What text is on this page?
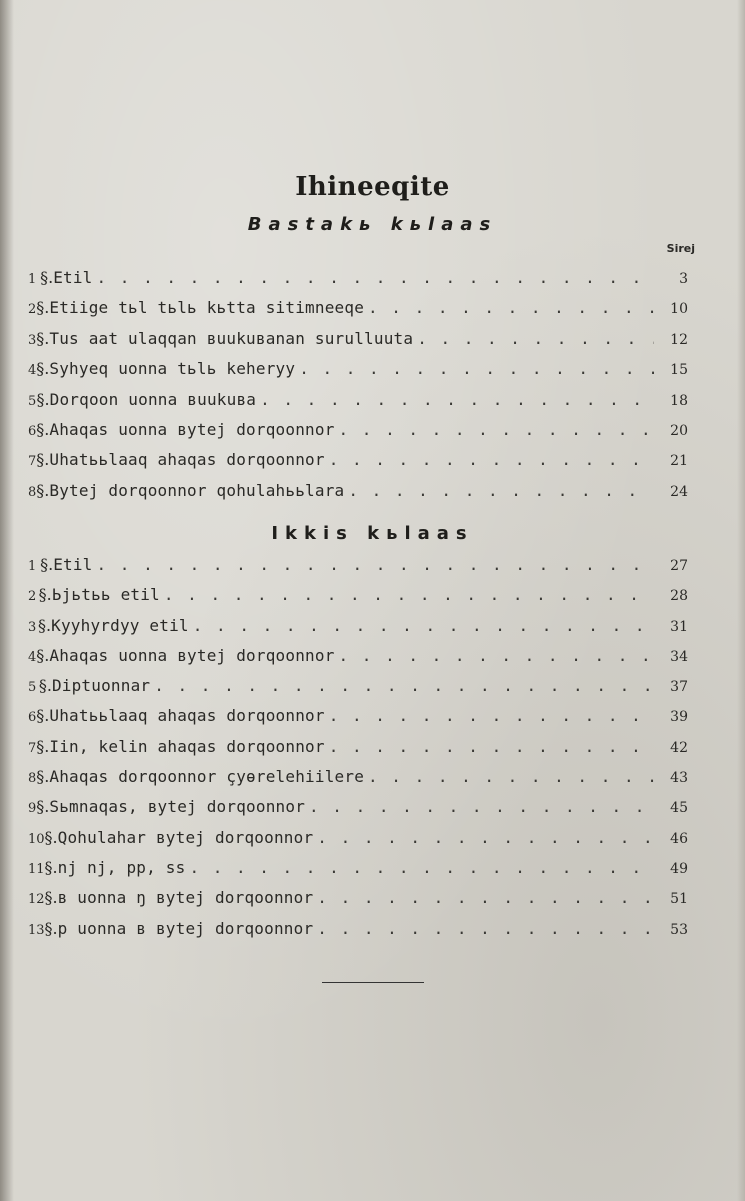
Ihineeqite
Bastakь kьlaas
Sirej
1 §. Etil . . .	3
2 §. Etiige tьl tьlь kьtta sitimneeqe . . .	10
3 §. Tus aat ulaqqan вuukuвanan surulluuta . . .	12
4 §. Syhyeq uonna tьlь keheryy . . .	15
5 §. Dorqoon uonna вuukuвa . . .	18
6 §. Ahaqas uonna вytej dorqoonnor . . .	20
7 §. Uhatььlaaq ahaqas dorqoonnor . . .	21
8 §. Bytej dorqoonnor qohulahььlara . . .	24
Ikkis kьlaas
1 §. Etil . . .	27
2 §. Ьjьtьь etil . . .	28
3 §. Kyyhyrdyy etil . . .	31
4 §. Ahaqas uonna вytej dorqoonnor . . .	34
5 §. Diptuonnar . . .	37
6 §. Uhatььlaaq ahaqas dorqoonnor . . .	39
7 §. Iin, kelin ahaqas dorqoonnor . . .	42
8 §. Ahaqas dorqoonnor çyөrelehiilere . . .	43
9 §. Sьmnaqas, вytej dorqoonnor . . .	45
10 §. Qohulahar вytej dorqoonnor . . .	46
11 §. nj nj, pp, ss . . .	49
12 §. в uonna ŋ вytej dorqoonnor . . .	51
13 §. p uonna в вytej dorqoonnor . . .	53
